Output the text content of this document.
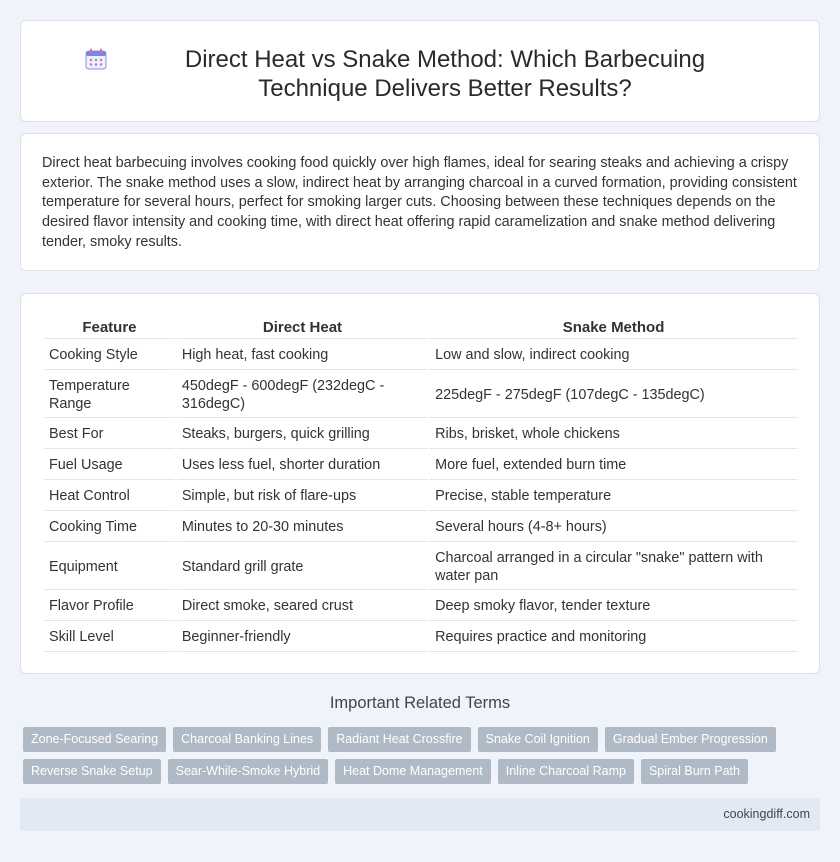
Direct Heat vs Snake Method: Which Barbecuing Technique Delivers Better Results?

Direct heat barbecuing involves cooking food quickly over high flames, ideal for searing steaks and achieving a crispy exterior. The snake method uses a slow, indirect heat by arranging charcoal in a curved formation, providing consistent temperature for several hours, perfect for smoking larger cuts. Choosing between these techniques depends on the desired flavor intensity and cooking time, with direct heat offering rapid caramelization and snake method delivering tender, smoky results.

Feature	Direct Heat	Snake Method
Cooking Style	High heat, fast cooking	Low and slow, indirect cooking
Temperature Range	450degF - 600degF (232degC - 316degC)	225degF - 275degF (107degC - 135degC)
Best For	Steaks, burgers, quick grilling	Ribs, brisket, whole chickens
Fuel Usage	Uses less fuel, shorter duration	More fuel, extended burn time
Heat Control	Simple, but risk of flare-ups	Precise, stable temperature
Cooking Time	Minutes to 20-30 minutes	Several hours (4-8+ hours)
Equipment	Standard grill grate	Charcoal arranged in a circular "snake" pattern with water pan
Flavor Profile	Direct smoke, seared crust	Deep smoky flavor, tender texture
Skill Level	Beginner-friendly	Requires practice and monitoring
Important Related Terms
Zone-Focused Searing	Charcoal Banking Lines	Radiant Heat Crossfire	Snake Coil Ignition	Gradual Ember Progression
Reverse Snake Setup	Sear-While-Smoke Hybrid	Heat Dome Management	Inline Charcoal Ramp	Spiral Burn Path
cookingdiff.com
